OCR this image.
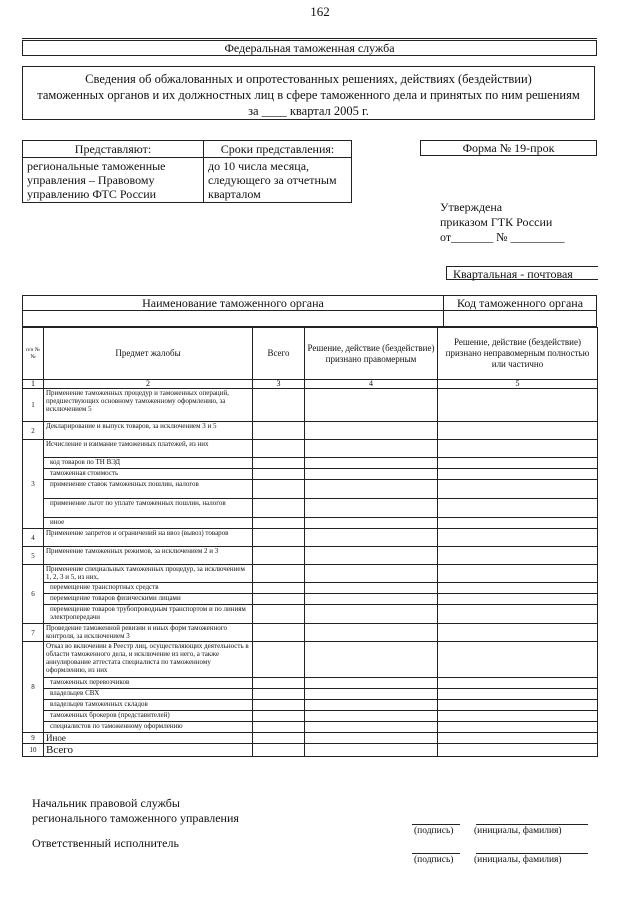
162
Федеральная таможенная служба
Сведения об обжалованных и опротестованных решениях, действиях (бездействии)
таможенных органов и их должностных лиц в сфере таможенного дела и принятых по ним решениям
за ____ квартал 2005 г.
Представляют:	Сроки представления:
региональные таможенные управления – Правовому управлению ФТС России	до 10 числа месяца, следующего за отчетным кварталом
Форма № 19-прок
Утверждена
приказом ГТК России
от_______ № _________
Квартальная - почтовая
Наименование таможенного органа	Код таможенного органа

п/п № №	Предмет жалобы	Всего	Решение, действие (бездействие) признано правомерным	Решение, действие (бездействие) признано неправомерным полностью или частично
1	2	3	4	5
1	Применение таможенных процедур и таможенных операций, предшествующих основному таможенному оформлению, за исключением 5			
2	Декларирование и выпуск товаров, за исключением 3 и 5			
3	Исчисление и взимание таможенных платежей, из них			
	код товаров по ТН ВЭД			
	таможенная стоимость			
	применение ставок таможенных пошлин, налогов			
	применение льгот по уплате таможенных пошлин, налогов			
	иное			
4	Применение запретов и ограничений на ввоз (вывоз) товаров			
5	Применение таможенных режимов, за исключением 2 и 3			
6	Применение специальных таможенных процедур, за исключением 1, 2, 3 и 5, из них,			
	перемещение транспортных средств			
	перемещение товаров физическими лицами			
	перемещение товаров трубопроводным транспортом и по линиям электропередачи			
7	Проведение таможенной ревизии и иных форм таможенного контроля, за исключением 3			
8	Отказ во включении в Реестр лиц, осуществляющих деятельность в области таможенного дела, и исключение из него, а также аннулирование аттестата специалиста по таможенному оформлению, из них			
	таможенных перевозчиков			
	владельцев СВХ			
	владельцев таможенных складов			
	таможенных брокеров (представителей)			
	специалистов по таможенному оформлению			
9	Иное			
10	Всего			
Начальник правовой службы
регионального таможенного управления
(подпись) (инициалы, фамилия)
Ответственный исполнитель
(подпись) (инициалы, фамилия)
